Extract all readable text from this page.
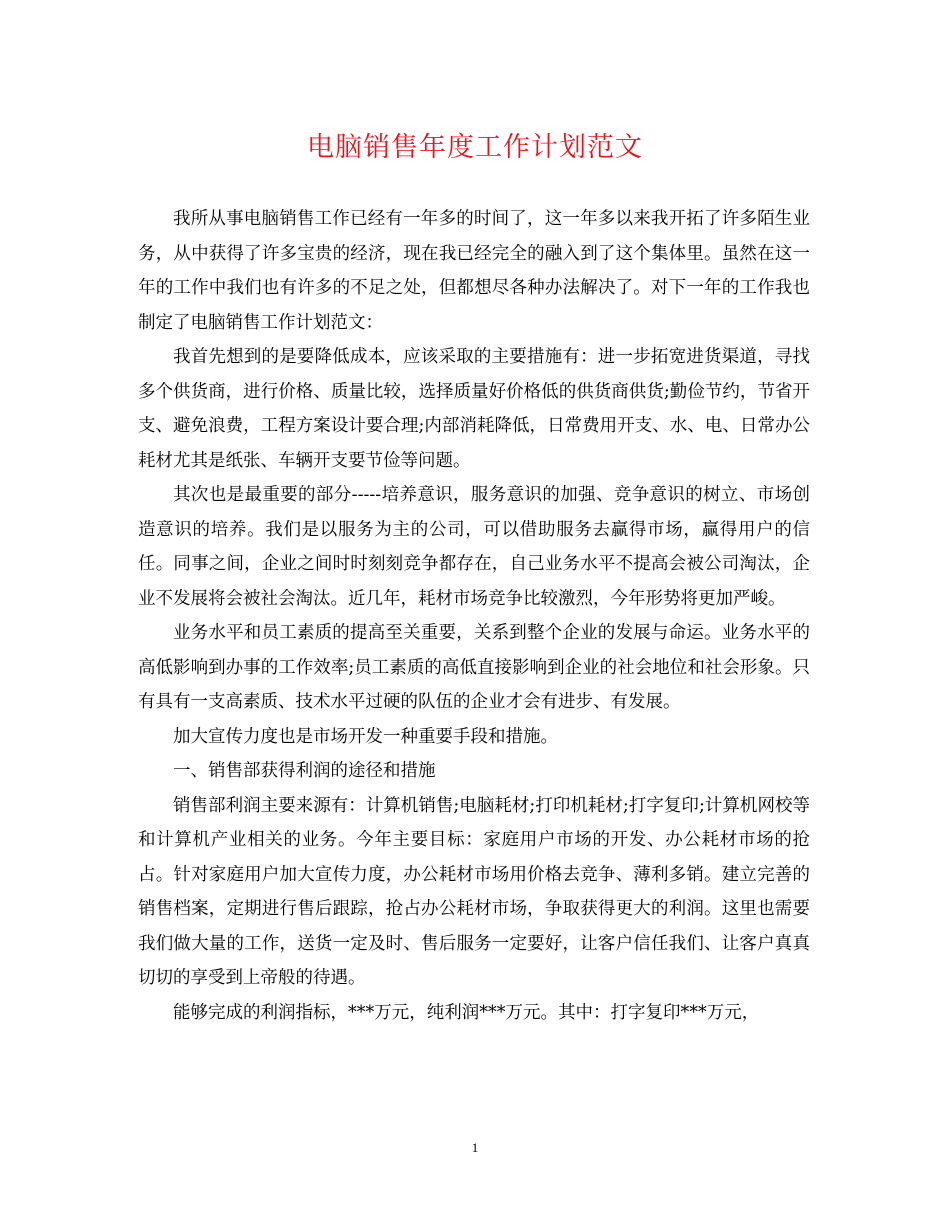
电脑销售年度工作计划范文

我所从事电脑销售工作已经有一年多的时间了，这一年多以来我开拓了许多陌生业务，从中获得了许多宝贵的经济，现在我已经完全的融入到了这个集体里。虽然在这一年的工作中我们也有许多的不足之处，但都想尽各种办法解决了。对下一年的工作我也制定了电脑销售工作计划范文：

我首先想到的是要降低成本，应该采取的主要措施有：进一步拓宽进货渠道，寻找多个供货商，进行价格、质量比较，选择质量好价格低的供货商供货;勤俭节约，节省开支、避免浪费，工程方案设计要合理;内部消耗降低，日常费用开支、水、电、日常办公耗材尤其是纸张、车辆开支要节俭等问题。

其次也是最重要的部分-----培养意识，服务意识的加强、竞争意识的树立、市场创造意识的培养。我们是以服务为主的公司，可以借助服务去赢得市场，赢得用户的信任。同事之间，企业之间时时刻刻竞争都存在，自己业务水平不提高会被公司淘汰，企业不发展将会被社会淘汰。近几年，耗材市场竞争比较激烈，今年形势将更加严峻。

业务水平和员工素质的提高至关重要，关系到整个企业的发展与命运。业务水平的高低影响到办事的工作效率;员工素质的高低直接影响到企业的社会地位和社会形象。只有具有一支高素质、技术水平过硬的队伍的企业才会有进步、有发展。

加大宣传力度也是市场开发一种重要手段和措施。

一、销售部获得利润的途径和措施

销售部利润主要来源有：计算机销售;电脑耗材;打印机耗材;打字复印;计算机网校等和计算机产业相关的业务。今年主要目标：家庭用户市场的开发、办公耗材市场的抢占。针对家庭用户加大宣传力度，办公耗材市场用价格去竞争、薄利多销。建立完善的销售档案，定期进行售后跟踪，抢占办公耗材市场，争取获得更大的利润。这里也需要我们做大量的工作，送货一定及时、售后服务一定要好，让客户信任我们、让客户真真切切的享受到上帝般的待遇。

能够完成的利润指标，***万元，纯利润***万元。其中：打字复印***万元，

1
